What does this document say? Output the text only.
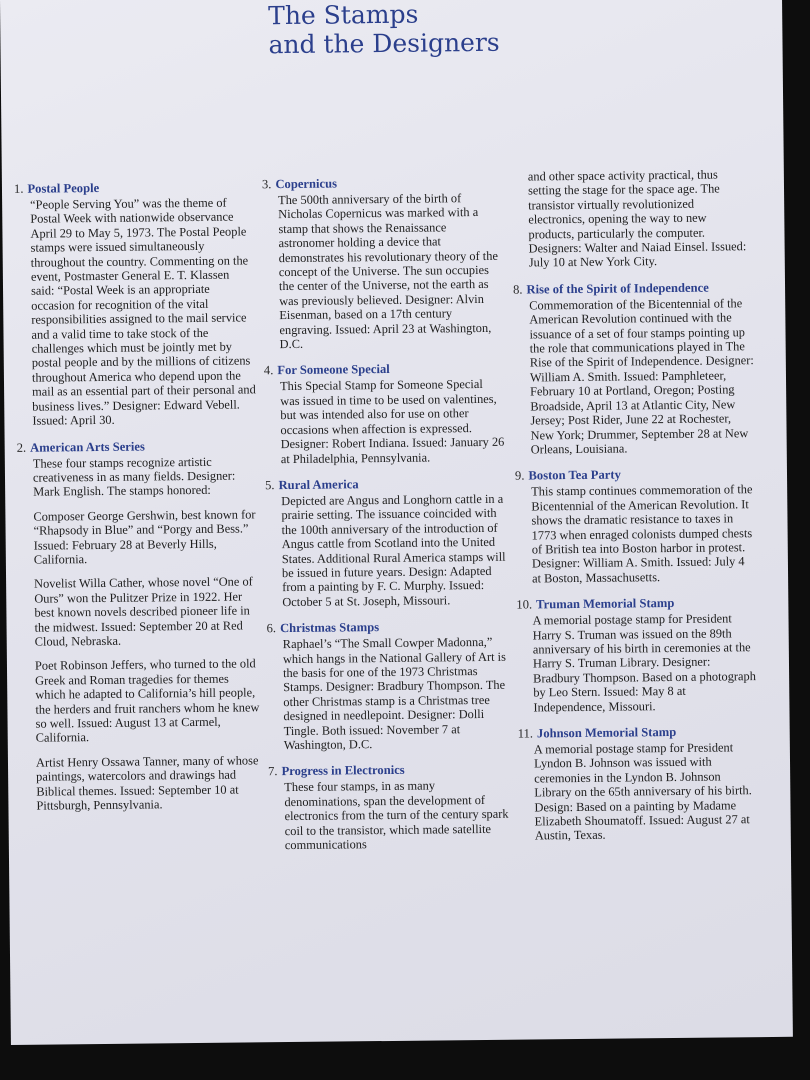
The Stamps
and the Designers
1. Postal People

“People Serving You” was the theme of Postal Week with nationwide observance April 29 to May 5, 1973. The Postal People stamps were issued simultaneously throughout the country. Commenting on the event, Postmaster General E. T. Klassen said: “Postal Week is an appropriate occasion for recognition of the vital responsibilities assigned to the mail service and a valid time to take stock of the challenges which must be jointly met by postal people and by the millions of citizens throughout America who depend upon the mail as an essential part of their personal and business lives.” Designer: Edward Vebell. Issued: April 30.

2. American Arts Series

These four stamps recognize artistic creativeness in as many fields. Designer: Mark English. The stamps honored:

Composer George Gershwin, best known for “Rhapsody in Blue” and “Porgy and Bess.” Issued: February 28 at Beverly Hills, California.

Novelist Willa Cather, whose novel “One of Ours” won the Pulitzer Prize in 1922. Her best known novels described pioneer life in the midwest. Issued: September 20 at Red Cloud, Nebraska.

Poet Robinson Jeffers, who turned to the old Greek and Roman tragedies for themes which he adapted to California’s hill people, the herders and fruit ranchers whom he knew so well. Issued: August 13 at Carmel, California.

Artist Henry Ossawa Tanner, many of whose paintings, watercolors and drawings had Biblical themes. Issued: September 10 at Pittsburgh, Pennsylvania.

3. Copernicus

The 500th anniversary of the birth of Nicholas Copernicus was marked with a stamp that shows the Renaissance astronomer holding a device that demonstrates his revolutionary theory of the concept of the Universe. The sun occupies the center of the Universe, not the earth as was previously believed. Designer: Alvin Eisenman, based on a 17th century engraving. Issued: April 23 at Washington, D.C.

4. For Someone Special

This Special Stamp for Someone Special was issued in time to be used on valentines, but was intended also for use on other occasions when affection is expressed. Designer: Robert Indiana. Issued: January 26 at Philadelphia, Pennsylvania.

5. Rural America

Depicted are Angus and Longhorn cattle in a prairie setting. The issuance coincided with the 100th anniversary of the introduction of Angus cattle from Scotland into the United States. Additional Rural America stamps will be issued in future years. Design: Adapted from a painting by F. C. Murphy. Issued: October 5 at St. Joseph, Missouri.

6. Christmas Stamps

Raphael’s “The Small Cowper Madonna,” which hangs in the National Gallery of Art is the basis for one of the 1973 Christmas Stamps. Designer: Bradbury Thompson. The other Christmas stamp is a Christmas tree designed in needlepoint. Designer: Dolli Tingle. Both issued: November 7 at Washington, D.C.

7. Progress in Electronics

These four stamps, in as many denominations, span the development of electronics from the turn of the century spark coil to the transistor, which made satellite communications

and other space activity practical, thus setting the stage for the space age. The transistor virtually revolutionized electronics, opening the way to new products, particularly the computer. Designers: Walter and Naiad Einsel. Issued: July 10 at New York City.
8. Rise of the Spirit of Independence

Commemoration of the Bicentennial of the American Revolution continued with the issuance of a set of four stamps pointing up the role that communications played in The Rise of the Spirit of Independence. Designer: William A. Smith. Issued: Pamphleteer, February 10 at Portland, Oregon; Posting Broadside, April 13 at Atlantic City, New Jersey; Post Rider, June 22 at Rochester, New York; Drummer, September 28 at New Orleans, Louisiana.

9. Boston Tea Party

This stamp continues commemoration of the Bicentennial of the American Revolution. It shows the dramatic resistance to taxes in 1773 when enraged colonists dumped chests of British tea into Boston harbor in protest. Designer: William A. Smith. Issued: July 4 at Boston, Massachusetts.

10. Truman Memorial Stamp

A memorial postage stamp for President Harry S. Truman was issued on the 89th anniversary of his birth in ceremonies at the Harry S. Truman Library. Designer: Bradbury Thompson. Based on a photograph by Leo Stern. Issued: May 8 at Independence, Missouri.

11. Johnson Memorial Stamp

A memorial postage stamp for President Lyndon B. Johnson was issued with ceremonies in the Lyndon B. Johnson Library on the 65th anniversary of his birth. Design: Based on a painting by Madame Elizabeth Shoumatoff. Issued: August 27 at Austin, Texas.
